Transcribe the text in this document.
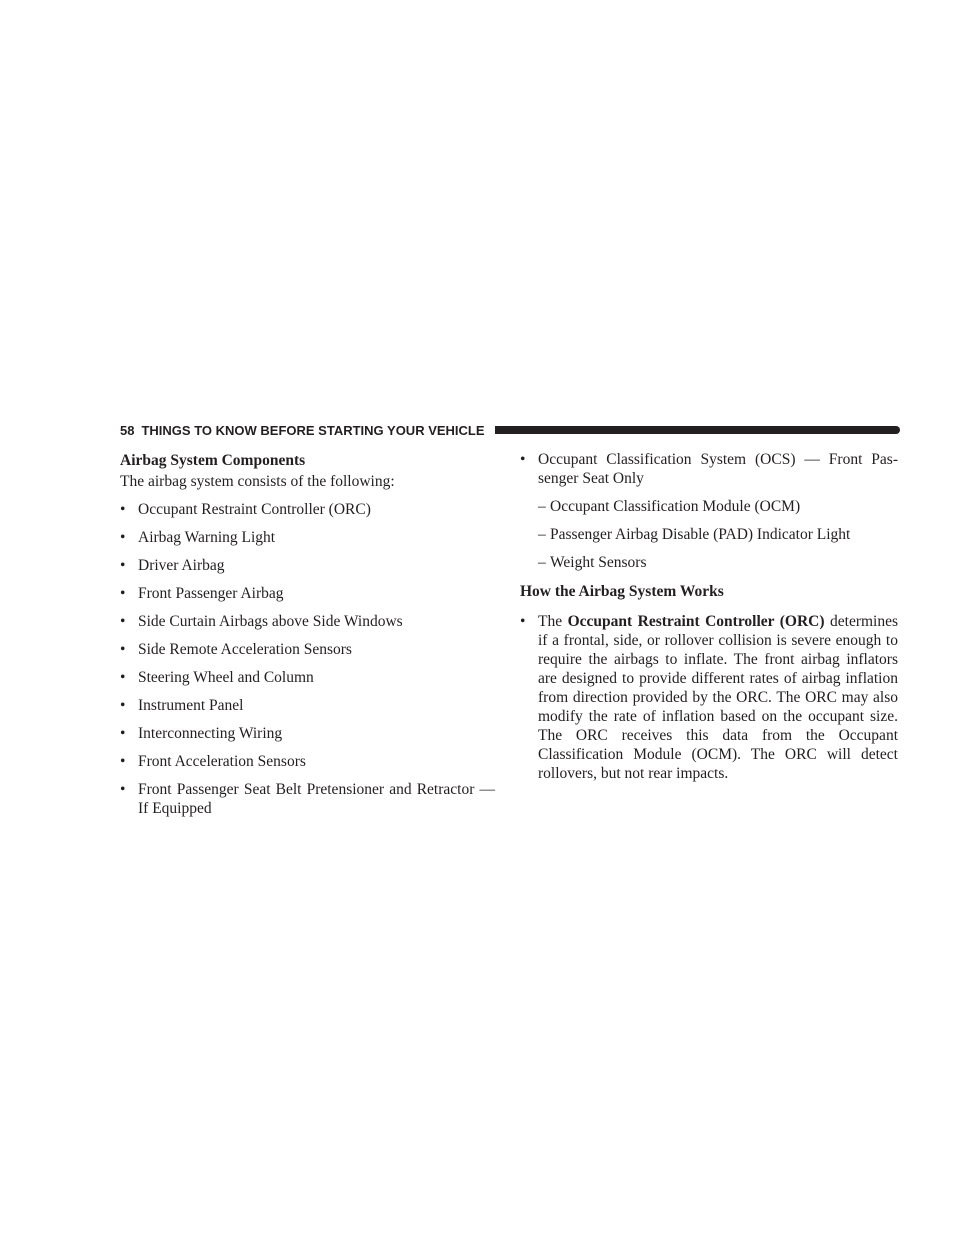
58 THINGS TO KNOW BEFORE STARTING YOUR VEHICLE

Airbag System Components

The airbag system consists of the following:

• Occupant Restraint Controller (ORC)
• Airbag Warning Light
• Driver Airbag
• Front Passenger Airbag
• Side Curtain Airbags above Side Windows
• Side Remote Acceleration Sensors
• Steering Wheel and Column
• Instrument Panel
• Interconnecting Wiring
• Front Acceleration Sensors
• Front Passenger Seat Belt Pretensioner and Retractor — If Equipped
• Occupant Classification System (OCS) — Front Pas-senger Seat Only
– Occupant Classification Module (OCM)
– Passenger Airbag Disable (PAD) Indicator Light
– Weight Sensors

How the Airbag System Works

• The Occupant Restraint Controller (ORC) determines if a frontal, side, or rollover collision is severe enough to require the airbags to inflate. The front airbag inflators are designed to provide different rates of airbag inflation from direction provided by the ORC. The ORC may also modify the rate of inflation based on the occupant size. The ORC receives this data from the Occupant Classification Module (OCM). The ORC will detect rollovers, but not rear impacts.
